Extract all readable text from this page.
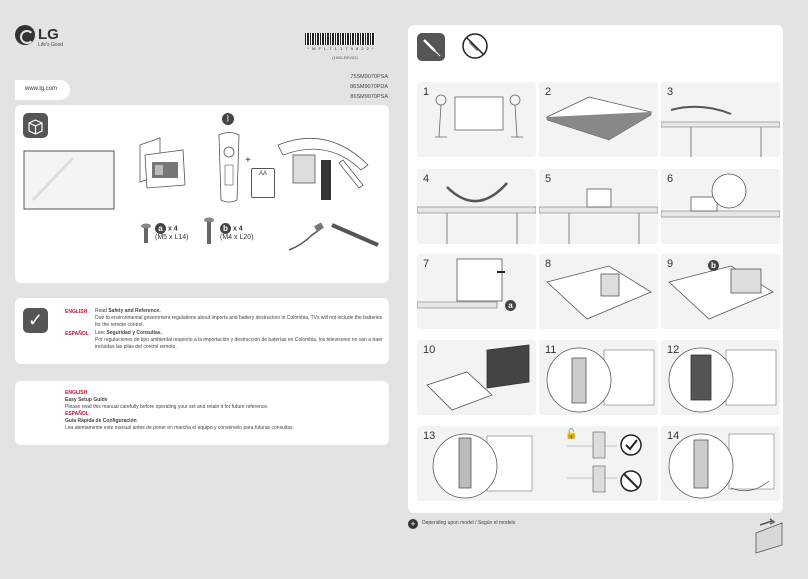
LG
Life's Good
* M F L 7 1 1 7 9 8 2 2 *
(1906-REV02)
75SM9070PSA
86SM9070PDA
86SM9070PSA
www.lg.com
ᛒ
+
AA
a x 4
(M5 x L14)
b x 4
(M4 x L20)
✓	ENGLISH Read Safety and Reference.
Due to environmental government regulations about imports and battery destruction in Colombia, TVs will not include the batteries for the remote control.
ESPAÑOL Leer Seguridad y Consultas.
Por regulaciones de tipo ambiental respecto a la importación y destrucción de baterías en Colombia, los televisores no van a traer incluidas las pilas del control remoto.
ENGLISH
Easy Setup Guide
Please read this manual carefully before operating your set and retain it for future reference.
ESPAÑOL
Guía Rápida de Configuración
Lea atentamente este manual antes de poner en marcha el equipo y consérvelo para futuras consultas.
1	2	3
4	5	6
7
a
8	9	b
10	11	12
13	🔓	14
+	Depending upon model / Según el modelo
